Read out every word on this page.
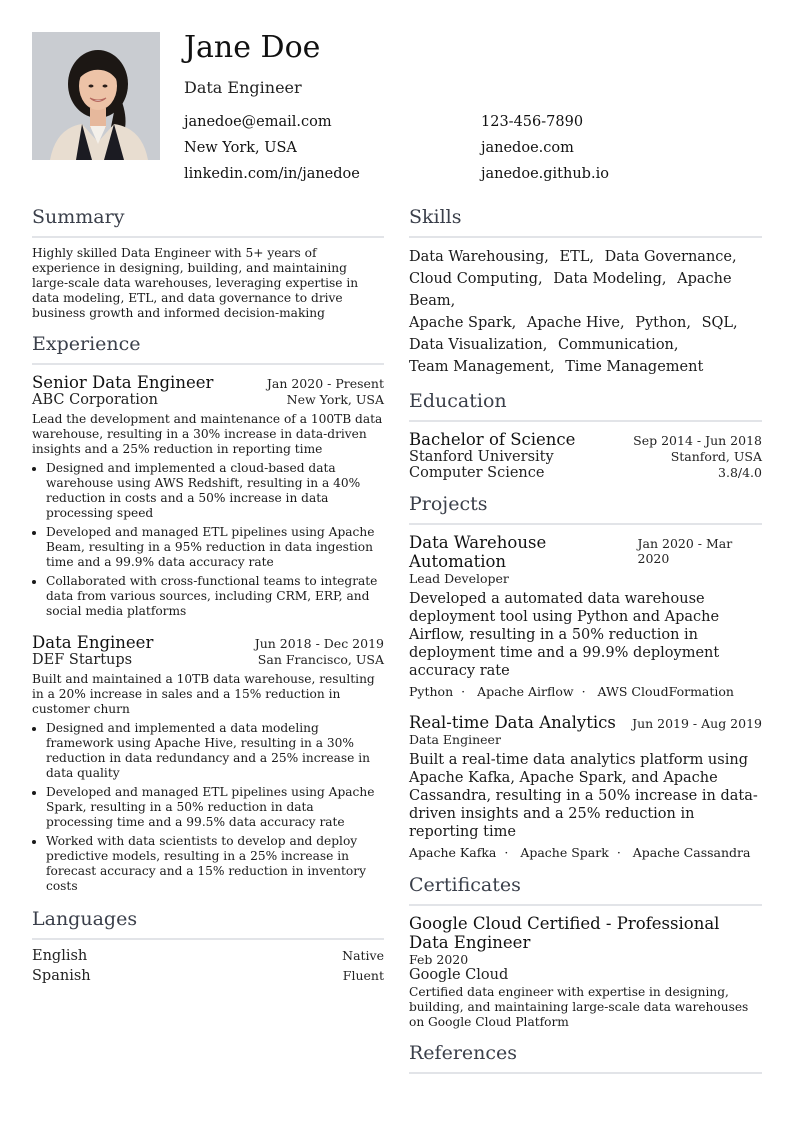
Jane Doe
Data Engineer
janedoe@email.com	123-456-7890
New York, USA	janedoe.com
linkedin.com/in/janedoe	janedoe.github.io
Summary
Highly skilled Data Engineer with 5+ years of experience in designing, building, and maintaining large-scale data warehouses, leveraging expertise in data modeling, ETL, and data governance to drive business growth and informed decision-making
Experience
Senior Data Engineer	Jan 2020 - Present
ABC Corporation	New York, USA
Lead the development and maintenance of a 100TB data warehouse, resulting in a 30% increase in data-driven insights and a 25% reduction in reporting time
• Designed and implemented a cloud-based data warehouse using AWS Redshift, resulting in a 40% reduction in costs and a 50% increase in data processing speed
• Developed and managed ETL pipelines using Apache Beam, resulting in a 95% reduction in data ingestion time and a 99.9% data accuracy rate
• Collaborated with cross-functional teams to integrate data from various sources, including CRM, ERP, and social media platforms
Data Engineer	Jun 2018 - Dec 2019
DEF Startups	San Francisco, USA
Built and maintained a 10TB data warehouse, resulting in a 20% increase in sales and a 15% reduction in customer churn
• Designed and implemented a data modeling framework using Apache Hive, resulting in a 30% reduction in data redundancy and a 25% increase in data quality
• Developed and managed ETL pipelines using Apache Spark, resulting in a 50% reduction in data processing time and a 99.5% data accuracy rate
• Worked with data scientists to develop and deploy predictive models, resulting in a 25% increase in forecast accuracy and a 15% reduction in inventory costs
Languages
English	Native
Spanish	Fluent
Skills
Data Warehousing, ETL, Data Governance,
Cloud Computing, Data Modeling, Apache Beam,
Apache Spark, Apache Hive, Python, SQL,
Data Visualization, Communication,
Team Management, Time Management
Education
Bachelor of Science	Sep 2014 - Jun 2018
Stanford University	Stanford, USA
Computer Science	3.8/4.0
Projects
Data Warehouse Automation
Jan 2020 - Mar 2020
Lead Developer
Developed a automated data warehouse deployment tool using Python and Apache Airflow, resulting in a 50% reduction in deployment time and a 99.9% deployment accuracy rate
Python · Apache Airflow · AWS CloudFormation
Real-time Data Analytics Jun 2019 - Aug 2019
Data Engineer
Built a real-time data analytics platform using Apache Kafka, Apache Spark, and Apache Cassandra, resulting in a 50% increase in data-driven insights and a 25% reduction in reporting time
Apache Kafka · Apache Spark · Apache Cassandra
Certificates
Google Cloud Certified - Professional Data Engineer
Feb 2020
Google Cloud
Certified data engineer with expertise in designing, building, and maintaining large-scale data warehouses on Google Cloud Platform
References
